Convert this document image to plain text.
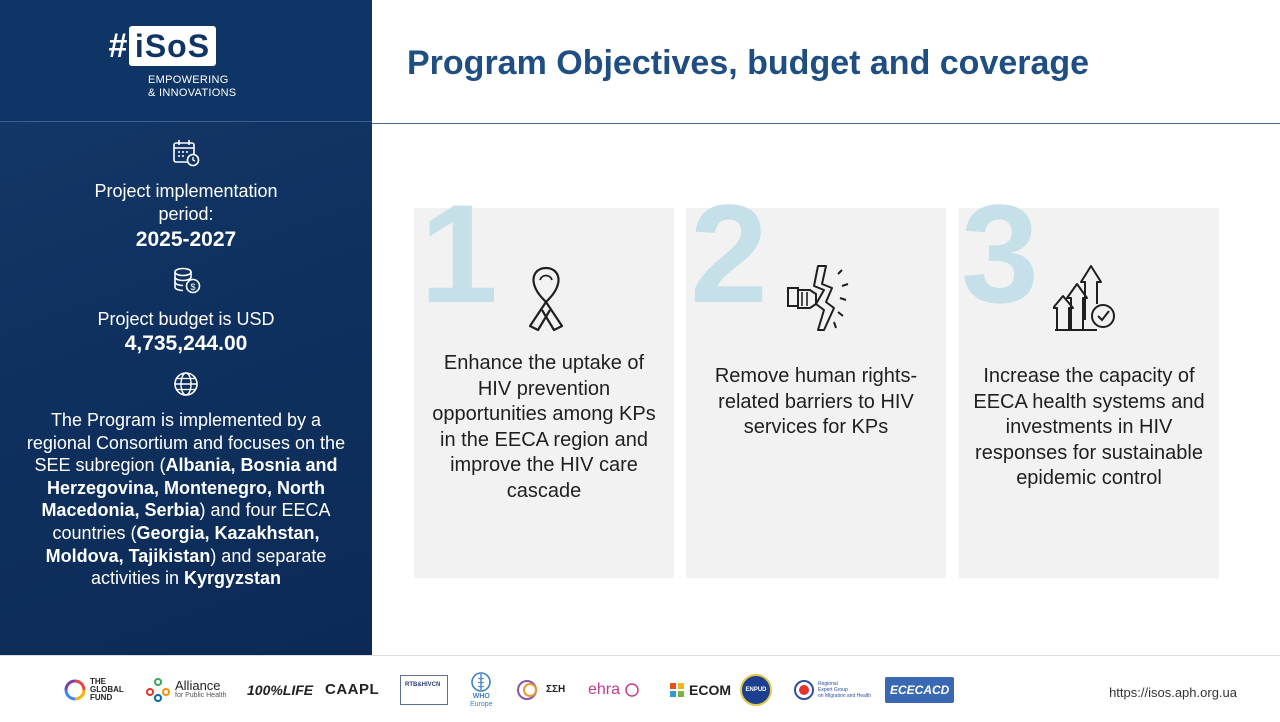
# iSoS
EMPOWERING
& INNOVATIONS
Project implementation
period:
2025-2027
$
Project budget is USD
4,735,244.00
The Program is implemented by a regional Consortium and focuses on the SEE subregion (Albania, Bosnia and Herzegovina, Montenegro, North Macedonia, Serbia) and four EECA countries (Georgia, Kazakhstan, Moldova, Tajikistan) and separate activities in Kyrgyzstan
Program Objectives, budget and coverage
1
Enhance the uptake of HIV prevention opportunities among KPs in the EECA region and improve the HIV care cascade
2
Remove human rights-related barriers to HIV services for KPs
3
Increase the capacity of EECA health systems and investments in HIV responses for sustainable epidemic control
THE GLOBAL FUND
Alliance
for Public Health 100%LIFE CAAPL	RTB&HIVCN
WHO
Europe
ΣΣΗ ehra	ECOM ENPUD
Regional
Expert Group
on Migration and Health	ECECACD	https://isos.aph.org.ua
